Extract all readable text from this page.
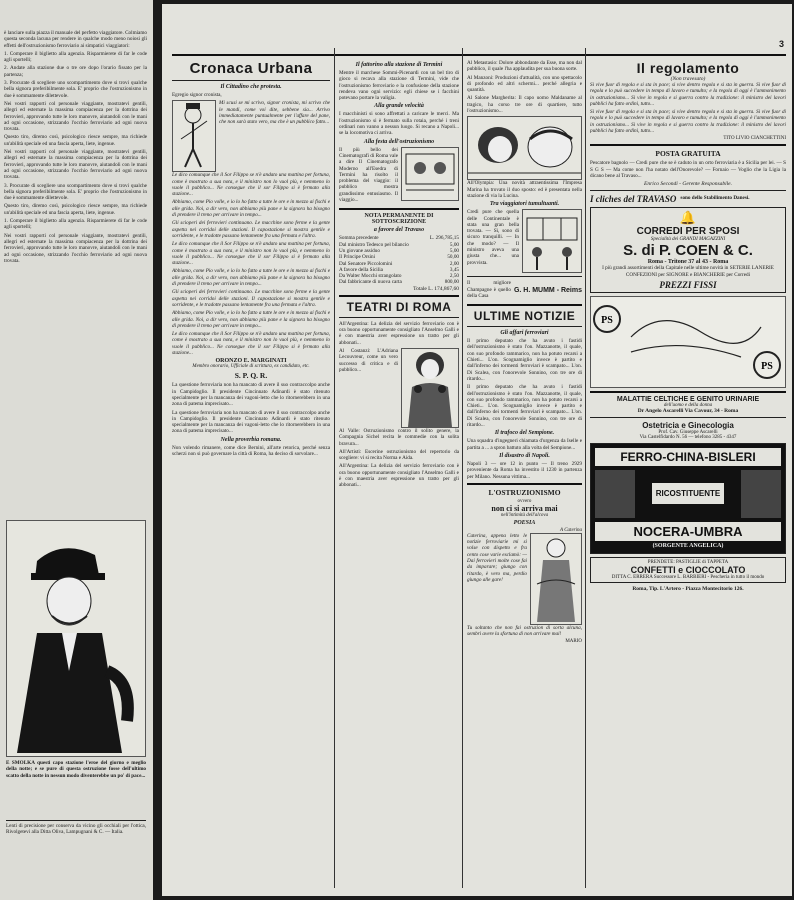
è lanciare sulla piazza il manuale del perfetto viaggiatore. Colmiamo questa seconda lacuna per rendere in qualche modo meno noiosi gli effetti dell'ostruzionismo ferroviario ai simpatici viaggiatori:

1. Comperare il biglietto alla agenzia. Risparmierete di far le code agli sportelli;

2. Andate alla stazione due o tre ore dopo l'orario fissato per la partenza;

3. Procurate di scegliere uno scompartimento dove si trovi qualche bella signora preferibilmente sola. E' proprio che l'ostruzionismo in due è sommamente dilettevole.

Nei vostri rapporti col personale viaggiante, mostratevi gentili, allegri ed esternate la massima compiacenza per la dottrina dei ferrovieri, approvando tutte le loro manovre, aiutandoli con le mani ad ogni occasione, strizzando l'occhio ferroviario ad ogni nuova trovata.

Questo tiro, diremo così, psicologico riesce sempre, ma richiede un'abilità speciale ed una fascia aperta, liete, ingenue.

Nei vostri rapporti col personale viaggiante, mostratevi gentili, allegri ed esternate la massima compiacenza per la dottrina dei ferrovieri, approvando tutte le loro manovre, aiutandoli con le mani ad ogni occasione, strizzando l'occhio ferroviario ad ogni nuova trovata.

3. Procurate di scegliere uno scompartimento dove si trovi qualche bella signora preferibilmente sola. E' proprio che l'ostruzionismo in due è sommamente dilettevole.

Questo tiro, diremo così, psicologico riesce sempre, ma richiede un'abilità speciale ed una fascia aperta, liete, ingenue.

1. Comperare il biglietto alla agenzia. Risparmierete di far le code agli sportelli;

Nei vostri rapporti col personale viaggiante, mostratevi gentili, allegri ed esternate la massima compiacenza per la dottrina dei ferrovieri, approvando tutte le loro manovre, aiutandoli con le mani ad ogni occasione, strizzando l'occhio ferroviario ad ogni nuova trovata.

E SMOLKA questi capo stazione l'eroe del giorno e meglio della notte; e se pure di questa ostruzione fosse dell'ultimo scatto della notte in nessun modo diventerebbe un po' di pace...

Lenti di precisione per conserva da vicino gli occhiali per l'ottica, Rivolgetevi alla Ditta Oliva, Lampugnani & C. — Italia.

3
Cronaca Urbana
Il Cittadino che protesta.

Egregio signor cronista,

Mi scusi se mi scrivo, signor cronista, mi scrivo che le mandi, come voi dite, sebbene sia... Arrivo immediatamente puntualmente per l'affare del pane, che non sarà stato vero, ma che è un pubblico fatto...

Le dico comunque che il Sor Filippo se n'è andato una mattina per fortuna, come è mostrato a sua nota, e il ministro non lo vuol più, e nemmeno lo vuole il pubblico... Ne consegue che il sor Filippo si è fermato alla stazione...

Abbiamo, come Pio volle, e io lo ho fatto a tutte le ore e in mezzo ai fischi e alle grida. Noi, a dir vero, non abbiamo più pane e la signora ha bisogno di prendere il treno per arrivare in tempo...

Gli scioperi dei ferrovieri continuano. Le macchine sono ferme e la gente aspetta nei corridoi delle stazioni. Il capostazione si mostra gentile e sorridente, e le tradotte passano lentamente fra una fermata e l'altra.

Le dico comunque che il Sor Filippo se n'è andato una mattina per fortuna, come è mostrato a sua nota, e il ministro non lo vuol più, e nemmeno lo vuole il pubblico... Ne consegue che il sor Filippo si è fermato alla stazione...

Abbiamo, come Pio volle, e io lo ho fatto a tutte le ore e in mezzo ai fischi e alle grida. Noi, a dir vero, non abbiamo più pane e la signora ha bisogno di prendere il treno per arrivare in tempo...

Gli scioperi dei ferrovieri continuano. Le macchine sono ferme e la gente aspetta nei corridoi delle stazioni. Il capostazione si mostra gentile e sorridente, e le tradotte passano lentamente fra una fermata e l'altra.

Abbiamo, come Pio volle, e io lo ho fatto a tutte le ore e in mezzo ai fischi e alle grida. Noi, a dir vero, non abbiamo più pane e la signora ha bisogno di prendere il treno per arrivare in tempo...

Le dico comunque che il Sor Filippo se n'è andato una mattina per fortuna, come è mostrato a sua nota, e il ministro non lo vuol più, e nemmeno lo vuole il pubblico... Ne consegue che il sor Filippo si è fermato alla stazione...

ORONZO E. MARGINATI
Membro onorario, Ufficiale di scrittura, ex candidato, etc.
S. P. Q. R.

La questione ferroviaria non ha mancato di avere il suo contraccolpo anche in Campidoglio. Il presidente Cincinnato Adinardi è stato ritenuto specialmente per la mancanza dei vagoni-letto che lo ritornerebbero in una zona di patema imprecisato...

La questione ferroviaria non ha mancato di avere il suo contraccolpo anche in Campidoglio. Il presidente Cincinnato Adinardi è stato ritenuto specialmente per la mancanza dei vagoni-letto che lo ritornerebbero in una zona di patema imprecisato...

Nella proverbia romana.

Non volendo rimanere, come dice Bernini, all'arte retorica, perché senza scherzi non si può governare la città di Roma, ha deciso di sorvolare...

Il fattorino alla stazione di Termini

Mentre il marchese Sommi-Picenardi con un bel tiro di gioco si recava alla stazione di Termini, vide che l'ostruzionismo ferroviario e la confusione della stazione rendeva vano ogni servizio: egli chiese se i facchini potevano portare la valigia.

Alla grande velocità

I macchinisti si sono affrettati a caricare le merci. Ma l'ostruzionismo si è fermato sulla rotaia, perché i treni ordinari non vanno a nessun luogo. Si recano a Napoli... se la locomotiva ci arriva.

Alla festa dell'ostruzionismo

Il più bello dei Cinematografi di Roma vale a dire Il Cinematografo Moderno all'Esedra di Termini ha risolto il problema del viaggio: il pubblico mostra grandissimo entusiasmo. Il viaggio...

NOTA PERMANENTE DI SOTTOSCRIZIONE
a favore del Travaso
Somma precedente	L. 296,785,15
Dal ministro Tedesco pel bilancio	5,00
Un giovane assiduo	5,00
Il Principe Orsini	50,00
Dal Senatore Piccolomini	2,00
A favore della Sicilia	3,45
Da Walter Mocchi strangolato	2,50
Dal fabbricante di nuova carta	800,00
Totale L. 174,867,60
TEATRI DI ROMA

All'Argentina: La delizia del servizio ferroviario con è ora buono opportunamente consigliato l'Anselmo Galli e è con maestria aver espressione un tratto per gli abbonati...

Al Costanzi: L'Adriana Lecouvreur, come un vero successo di critica e di pubblico...

Al Valle: Ostruzionismo contro il solito genere, la Compagnia Sichel recita le commedie con la solita bravura...

All'Artisti: Escerine ostruzionismo del repertorio da scegliere: vi si recita Norma e Aida.

All'Argentina: La delizia del servizio ferroviario con è ora buono opportunamente consigliato l'Anselmo Galli e è con maestria aver espressione un tratto per gli abbonati...

Al Metastasio: Dolore abbondante da Esse, ma non dal pubblico, il quale l'ha applaudita per sua buona sorte.

Al Manzoni: Produzioni d'attualità, con uno spettacolo di profondo ed altri schermi... perché allegria e quantità.

Al Salone Margherita: Il capo uomo Maldaname al tragico, ha corso tre ore di quartiere, tutto l'ostruzionismo...

All'Olympia: Una novità attraentissima l'Impresa Marina ha trovato il duo sposto: ed è presentata nella stazione di via la Lucina.

Tra viaggiatori tumultuanti.

Credi pure che quella delle Continentale è stata una gran bella trovata. — Sì, sono di sicuro tranquilli. — In che modo? — Il ministro aveva una giusta che... una provvista.

Il migliore Champagne è quello della Casa
G. H. MUMM - Reims
ULTIME NOTIZIE
Gli affari ferroviari

Il primo deputato che ha avuto i fastidi dell'ostruzionismo è stato l'on. Mazzanotte, il quale, con suo profondo rammarico, non ha potuto recarsi a Chieti... L'on. Scognamiglio invece è partito e dall'inferno dei tormenti ferroviari è scampato... L'on. Di Scalea, con l'onorevole Sonnino, con tre ore di ritardo...

Il primo deputato che ha avuto i fastidi dell'ostruzionismo è stato l'on. Mazzanotte, il quale, con suo profondo rammarico, non ha potuto recarsi a Chieti... L'on. Scognamiglio invece è partito e dall'inferno dei tormenti ferroviari è scampato... L'on. Di Scalea, con l'onorevole Sonnino, con tre ore di ritardo...

Il trafoco del Sempione.

Una squadra d'ingegneri chiamata d'urgenza da Iselle e partita a ... a spron battuto alla volta del Sempione...

Il disastro di Napoli.

Napoli 3 — ore 12 in punto — Il treno 2929 proveniente da Roma ha investito il 1230 in partenza per Milano. Nessuna vittima...

L'OSTRUZIONISMO
ovvero
non ci si arriva mai
nell'intimità dell'alcova
POESIA
A Caterina

Caterina, appena letto le notizie ferroviarie mi si volse con dispetto e fra cento cose varie esclamò: — Dai ferrovieri molte cose fai da imparare; giungo con ritardo, è vero ma, perdio giungo alle gare!

Tu soltanto che non fai ostruzion di sorta alcuna, sembri avere la sfortuna di non arrivare mai!

MARIO
Il regolamento
(Non travesato)

Si vive fuor di regola e si sta in pace; si vive dentro regola e si sta in guerra. Si vive fuor di regola e lo può succedere in tempo di lavoro e tumulto; e la regola di oggi è l'ammonimento in ostruzionismo... Si vive in regola e si guerra contro la tradizione: il ministro dei lavori pubblici ha fatto ordini, tutto...

Si vive fuor di regola e si sta in pace; si vive dentro regola e si sta in guerra. Si vive fuor di regola e lo può succedere in tempo di lavoro e tumulto; e la regola di oggi è l'ammonimento in ostruzionismo... Si vive in regola e si guerra contro la tradizione: il ministro dei lavori pubblici ha fatto ordini, tutto...

TITO LIVIO CIANCHETTINI
POSTA GRATUITA

Pescatore bagnolo — Credi pure che se è caduto in un orto ferroviaria è a Sicilia per lei. — S S G S — Ma come non l'ha notato dell'Onorevole? — Fornaio — Voglio che la Ligia la dicano bene al Travaso...

Enrico Secondi - Gerente Responsabile.
I cliches del TRAVASO sono dello Stabilimento Danesi.
🔔
CORREDI PER SPOSI
Specialità dei GRANDI MAGAZZINI
S. di P. COEN & C.
Roma - Tritone 37 al 43 - Roma

I più grandi assortimenti della Capitale nelle ultime novità in SETERIE LANERIE CONFEZIONI per SIGNORE e BIANCHERIE per Corredi

PREZZI FISSI
PS
PS
MALATTIE CELTICHE E GENITO URINARIE
dell'uomo e della donna
Dr Angelo Ascarelli Via Cavour, 34 - Roma
Ostetricia e Ginecologia
Prof. Cav. Giuseppe Ascarelli
Via Castelfidardo N. 56 — telefono 3285 - 4347
FERRO-CHINA-BISLERI
RICOSTITUENTE
NOCERA-UMBRA
(SORGENTE ANGELICA)
PRENDETE: PASTIGLIE di TAPPETA
CONFETTI e CIOCCOLATO
DITTA C. ERRERA Successore L. BARBIERI - Pescheria in tutto il mondo
Roma, Tip. L'Artero - Piazza Montecitorio 126.
